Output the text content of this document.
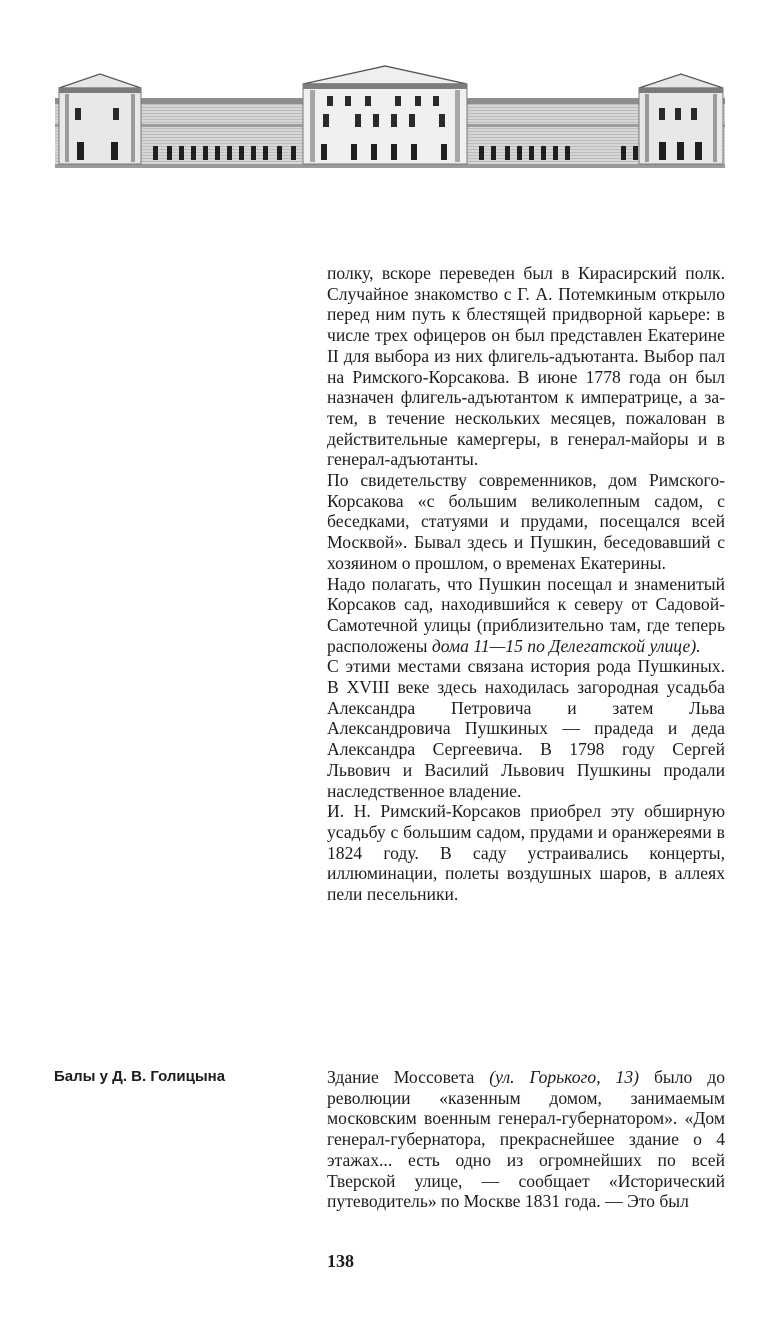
полку, вскоре переведен был в Кирасирский полк. Случайное знакомство с Г. А. Потемкиным открыло перед ним путь к блестящей придворной карьере: в числе трех офицеров он был представлен Екатерине II для выбора из них флигель-адъютанта. Выбор пал на Римского-Корсакова. В июне 1778 года он был назначен флигель-адъютантом к императрице, а затем, в течение нескольких месяцев, пожалован в действительные камергеры, в генерал-майоры и в генерал-адъютанты.

По свидетельству современников, дом Римского-Корсакова «с большим великолепным садом, с беседками, статуями и прудами, посещался всей Москвой». Бывал здесь и Пушкин, беседовавший с хозяином о прошлом, о временах Екатерины.

Надо полагать, что Пушкин посещал и знаменитый Корсаков сад, находившийся к северу от Садовой-Самотечной улицы (приблизительно там, где теперь расположены дома 11—15 по Делегатской улице).

С этими местами связана история рода Пушкиных. В XVIII веке здесь находилась загородная усадьба Александра Петровича и затем Льва Александровича Пушкиных — прадеда и деда Александра Сергеевича. В 1798 году Сергей Львович и Василий Львович Пушкины продали наследственное владение.

И. Н. Римский-Корсаков приобрел эту обширную усадьбу с большим садом, прудами и оранжереями в 1824 году. В саду устраивались концерты, иллюминации, полеты воздушных шаров, в аллеях пели песельники.

Балы у Д. В. Голицына	Здание Моссовета (ул. Горького, 13) было до революции «казенным домом, занимаемым московским военным генерал-губернатором». «Дом генерал-губернатора, прекраснейшее здание о 4 этажах... есть одно из огромнейших по всей Тверской улице, — сообщает «Исторический путеводитель» по Москве 1831 года. — Это был

138
